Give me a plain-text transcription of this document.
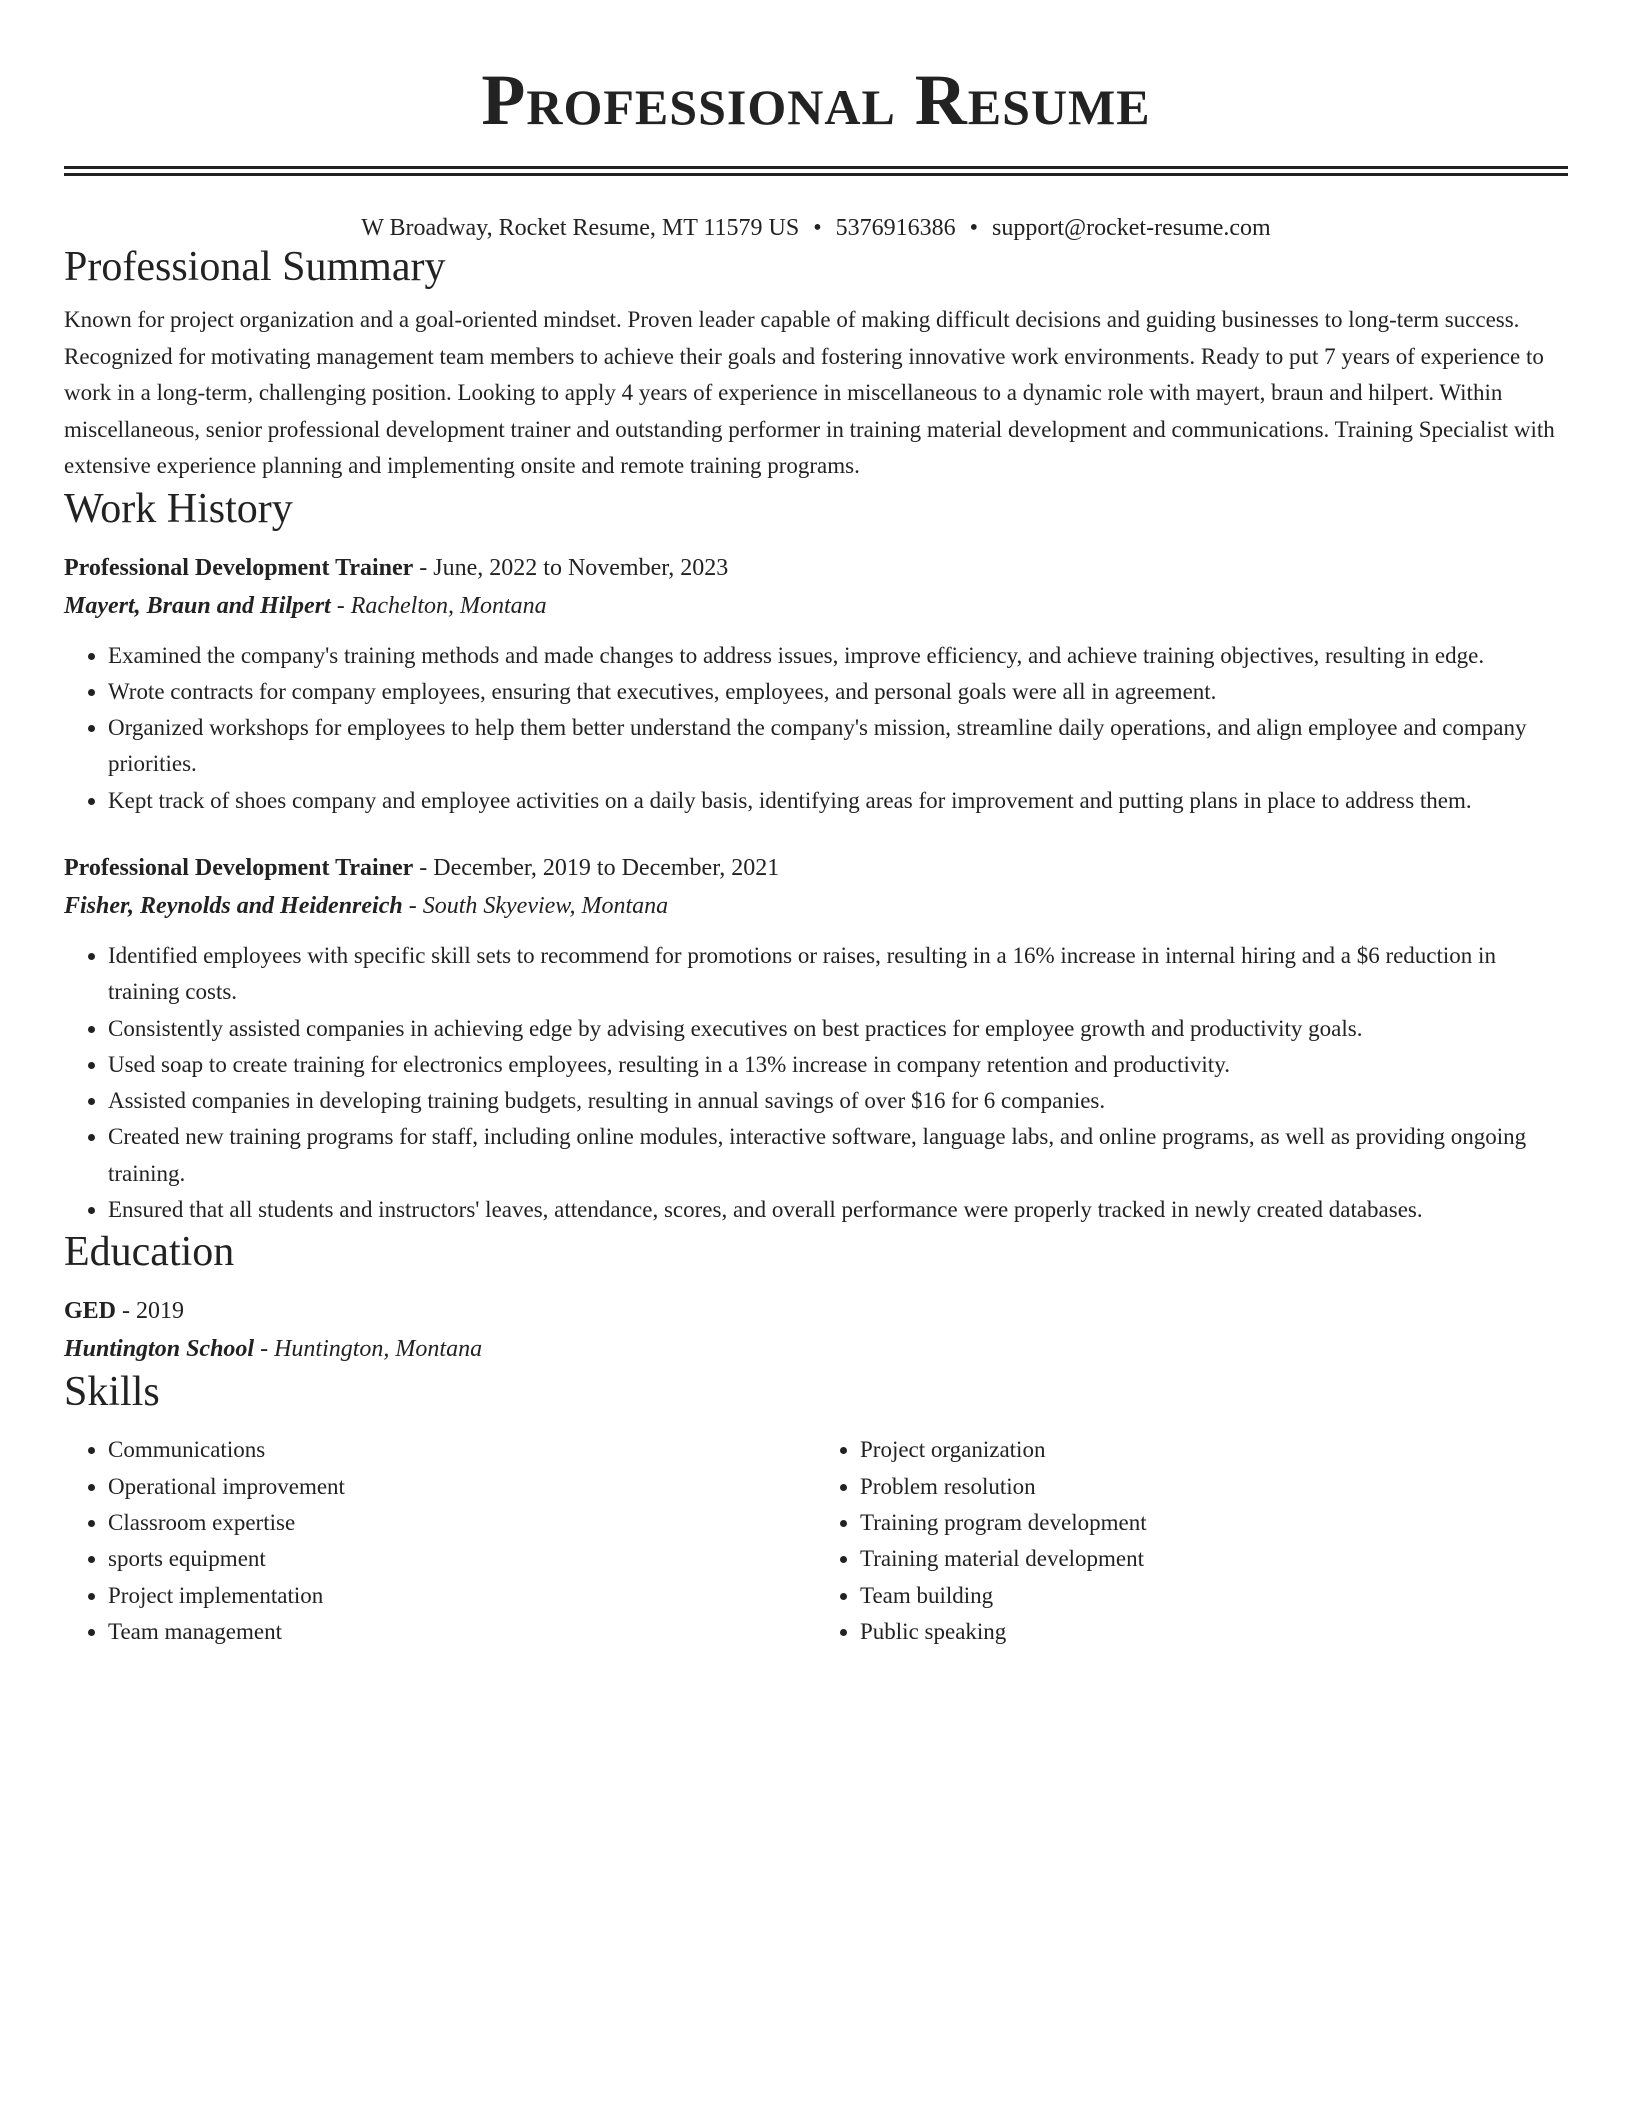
Professional Resume
W Broadway, Rocket Resume, MT 11579 US • 5376916386 • support@rocket-resume.com
Professional Summary

Known for project organization and a goal-oriented mindset. Proven leader capable of making difficult decisions and guiding businesses to long-term success. Recognized for motivating management team members to achieve their goals and fostering innovative work environments. Ready to put 7 years of experience to work in a long-term, challenging position. Looking to apply 4 years of experience in miscellaneous to a dynamic role with mayert, braun and hilpert. Within miscellaneous, senior professional development trainer and outstanding performer in training material development and communications. Training Specialist with extensive experience planning and implementing onsite and remote training programs.

Work History
Professional Development Trainer - June, 2022 to November, 2023
Mayert, Braun and Hilpert - Rachelton, Montana
• Examined the company's training methods and made changes to address issues, improve efficiency, and achieve training objectives, resulting in edge.
• Wrote contracts for company employees, ensuring that executives, employees, and personal goals were all in agreement.
• Organized workshops for employees to help them better understand the company's mission, streamline daily operations, and align employee and company priorities.
• Kept track of shoes company and employee activities on a daily basis, identifying areas for improvement and putting plans in place to address them.
Professional Development Trainer - December, 2019 to December, 2021
Fisher, Reynolds and Heidenreich - South Skyeview, Montana
• Identified employees with specific skill sets to recommend for promotions or raises, resulting in a 16% increase in internal hiring and a $6 reduction in training costs.
• Consistently assisted companies in achieving edge by advising executives on best practices for employee growth and productivity goals.
• Used soap to create training for electronics employees, resulting in a 13% increase in company retention and productivity.
• Assisted companies in developing training budgets, resulting in annual savings of over $16 for 6 companies.
• Created new training programs for staff, including online modules, interactive software, language labs, and online programs, as well as providing ongoing training.
• Ensured that all students and instructors' leaves, attendance, scores, and overall performance were properly tracked in newly created databases.
Education
GED - 2019
Huntington School - Huntington, Montana
Skills
• Communications
• Operational improvement
• Classroom expertise
• sports equipment
• Project implementation
• Team management
• Project organization
• Problem resolution
• Training program development
• Training material development
• Team building
• Public speaking
